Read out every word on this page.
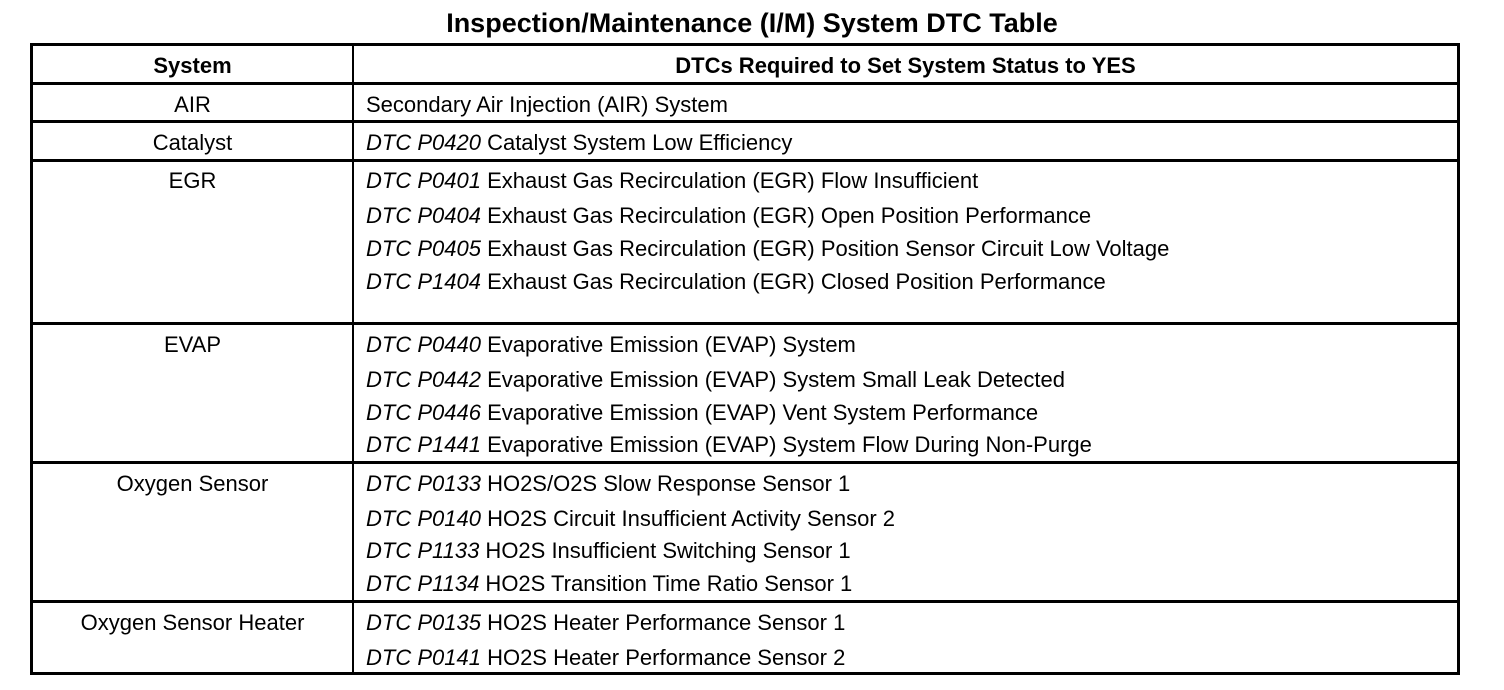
Inspection/Maintenance (I/M) System DTC Table
System	DTCs Required to Set System Status to YES
AIR	Secondary Air Injection (AIR) System
Catalyst	DTC P0420 Catalyst System Low Efficiency
EGR	DTC P0401 Exhaust Gas Recirculation (EGR) Flow Insufficient
DTC P0404 Exhaust Gas Recirculation (EGR) Open Position Performance
DTC P0405 Exhaust Gas Recirculation (EGR) Position Sensor Circuit Low Voltage
DTC P1404 Exhaust Gas Recirculation (EGR) Closed Position Performance
EVAP	DTC P0440 Evaporative Emission (EVAP) System
DTC P0442 Evaporative Emission (EVAP) System Small Leak Detected
DTC P0446 Evaporative Emission (EVAP) Vent System Performance
DTC P1441 Evaporative Emission (EVAP) System Flow During Non-Purge
Oxygen Sensor	DTC P0133 HO2S/O2S Slow Response Sensor 1
DTC P0140 HO2S Circuit Insufficient Activity Sensor 2
DTC P1133 HO2S Insufficient Switching Sensor 1
DTC P1134 HO2S Transition Time Ratio Sensor 1
Oxygen Sensor Heater	DTC P0135 HO2S Heater Performance Sensor 1
DTC P0141 HO2S Heater Performance Sensor 2
